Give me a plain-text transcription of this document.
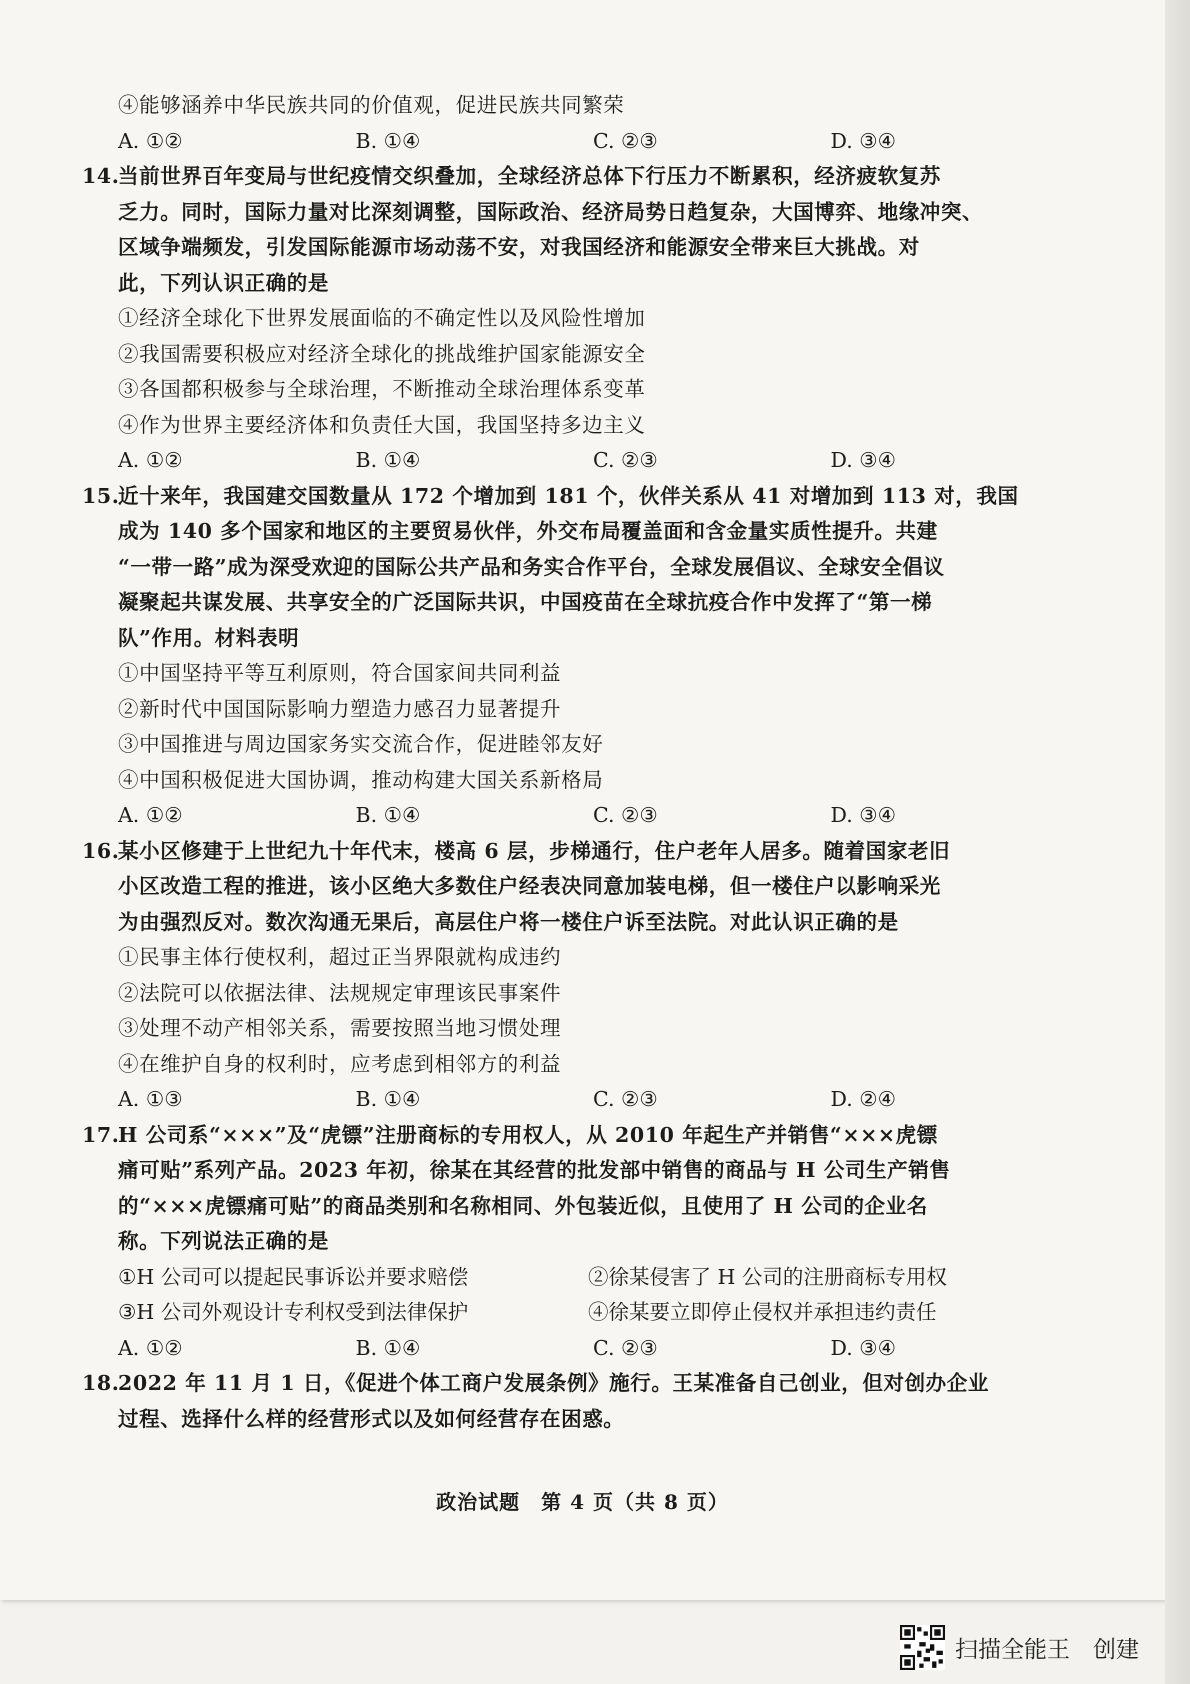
④能够涵养中华民族共同的价值观，促进民族共同繁荣
A. ①②	B. ①④	C. ②③	D. ③④
14.
当前世界百年变局与世纪疫情交织叠加，全球经济总体下行压力不断累积，经济疲软复苏
乏力。同时，国际力量对比深刻调整，国际政治、经济局势日趋复杂，大国博弈、地缘冲突、
区域争端频发，引发国际能源市场动荡不安，对我国经济和能源安全带来巨大挑战。对
此，下列认识正确的是
①经济全球化下世界发展面临的不确定性以及风险性增加
②我国需要积极应对经济全球化的挑战维护国家能源安全
③各国都积极参与全球治理，不断推动全球治理体系变革
④作为世界主要经济体和负责任大国，我国坚持多边主义
A. ①②	B. ①④	C. ②③	D. ③④
15.
近十来年，我国建交国数量从 172 个增加到 181 个，伙伴关系从 41 对增加到 113 对，我国
成为 140 多个国家和地区的主要贸易伙伴，外交布局覆盖面和含金量实质性提升。共建
“一带一路”成为深受欢迎的国际公共产品和务实合作平台，全球发展倡议、全球安全倡议
凝聚起共谋发展、共享安全的广泛国际共识，中国疫苗在全球抗疫合作中发挥了“第一梯
队”作用。材料表明
①中国坚持平等互利原则，符合国家间共同利益
②新时代中国国际影响力塑造力感召力显著提升
③中国推进与周边国家务实交流合作，促进睦邻友好
④中国积极促进大国协调，推动构建大国关系新格局
A. ①②	B. ①④	C. ②③	D. ③④
16.
某小区修建于上世纪九十年代末，楼高 6 层，步梯通行，住户老年人居多。随着国家老旧
小区改造工程的推进，该小区绝大多数住户经表决同意加装电梯，但一楼住户以影响采光
为由强烈反对。数次沟通无果后，高层住户将一楼住户诉至法院。对此认识正确的是
①民事主体行使权利，超过正当界限就构成违约
②法院可以依据法律、法规规定审理该民事案件
③处理不动产相邻关系，需要按照当地习惯处理
④在维护自身的权利时，应考虑到相邻方的利益
A. ①③	B. ①④	C. ②③	D. ②④
17.
H 公司系“×××”及“虎镖”注册商标的专用权人，从 2010 年起生产并销售“×××虎镖
痛可贴”系列产品。2023 年初，徐某在其经营的批发部中销售的商品与 H 公司生产销售
的“×××虎镖痛可贴”的商品类别和名称相同、外包装近似，且使用了 H 公司的企业名
称。下列说法正确的是
①H 公司可以提起民事诉讼并要求赔偿	②徐某侵害了 H 公司的注册商标专用权
③H 公司外观设计专利权受到法律保护	④徐某要立即停止侵权并承担违约责任
A. ①②	B. ①④	C. ②③	D. ③④
18.
2022 年 11 月 1 日，《促进个体工商户发展条例》施行。王某准备自己创业，但对创办企业
过程、选择什么样的经营形式以及如何经营存在困惑。
政治试题　第 4 页（共 8 页）
扫描全能王　创建
